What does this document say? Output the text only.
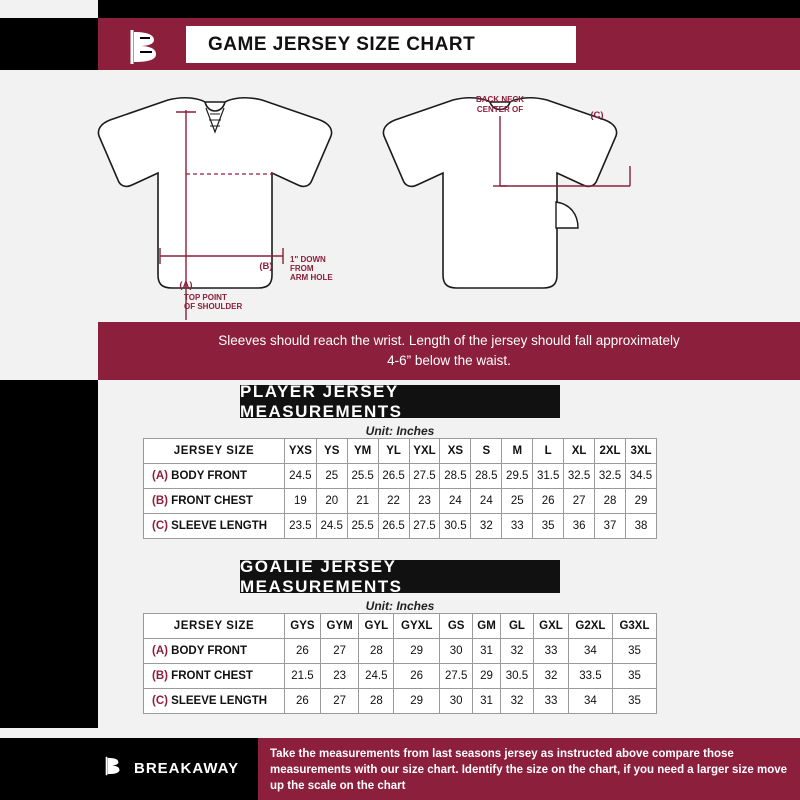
GAME JERSEY SIZE CHART
(A)
(B)
1" DOWN
FROM
ARM HOLE
TOP POINT
OF SHOULDER
CENTER OF
BACK NECK
(C)
Sleeves should reach the wrist. Length of the jersey should fall approximately 4-6” below the waist.
PLAYER JERSEY MEASUREMENTS
Unit: Inches
JERSEY SIZE	YXS	YS	YM	YL	YXL	XS	S	M	L	XL	2XL	3XL
(A) BODY FRONT	24.5	25	25.5	26.5	27.5	28.5	28.5	29.5	31.5	32.5	32.5	34.5
(B) FRONT CHEST	19	20	21	22	23	24	24	25	26	27	28	29
(C) SLEEVE LENGTH	23.5	24.5	25.5	26.5	27.5	30.5	32	33	35	36	37	38
GOALIE JERSEY MEASUREMENTS
Unit: Inches
JERSEY SIZE	GYS	GYM	GYL	GYXL	GS	GM	GL	GXL	G2XL	G3XL
(A) BODY FRONT	26	27	28	29	30	31	32	33	34	35
(B) FRONT CHEST	21.5	23	24.5	26	27.5	29	30.5	32	33.5	35
(C) SLEEVE LENGTH	26	27	28	29	30	31	32	33	34	35
BREAKAWAY
Take the measurements from last seasons jersey as instructed above compare those measurements with our size chart. Identify the size on the chart, if you need a larger size move up the scale on the chart
